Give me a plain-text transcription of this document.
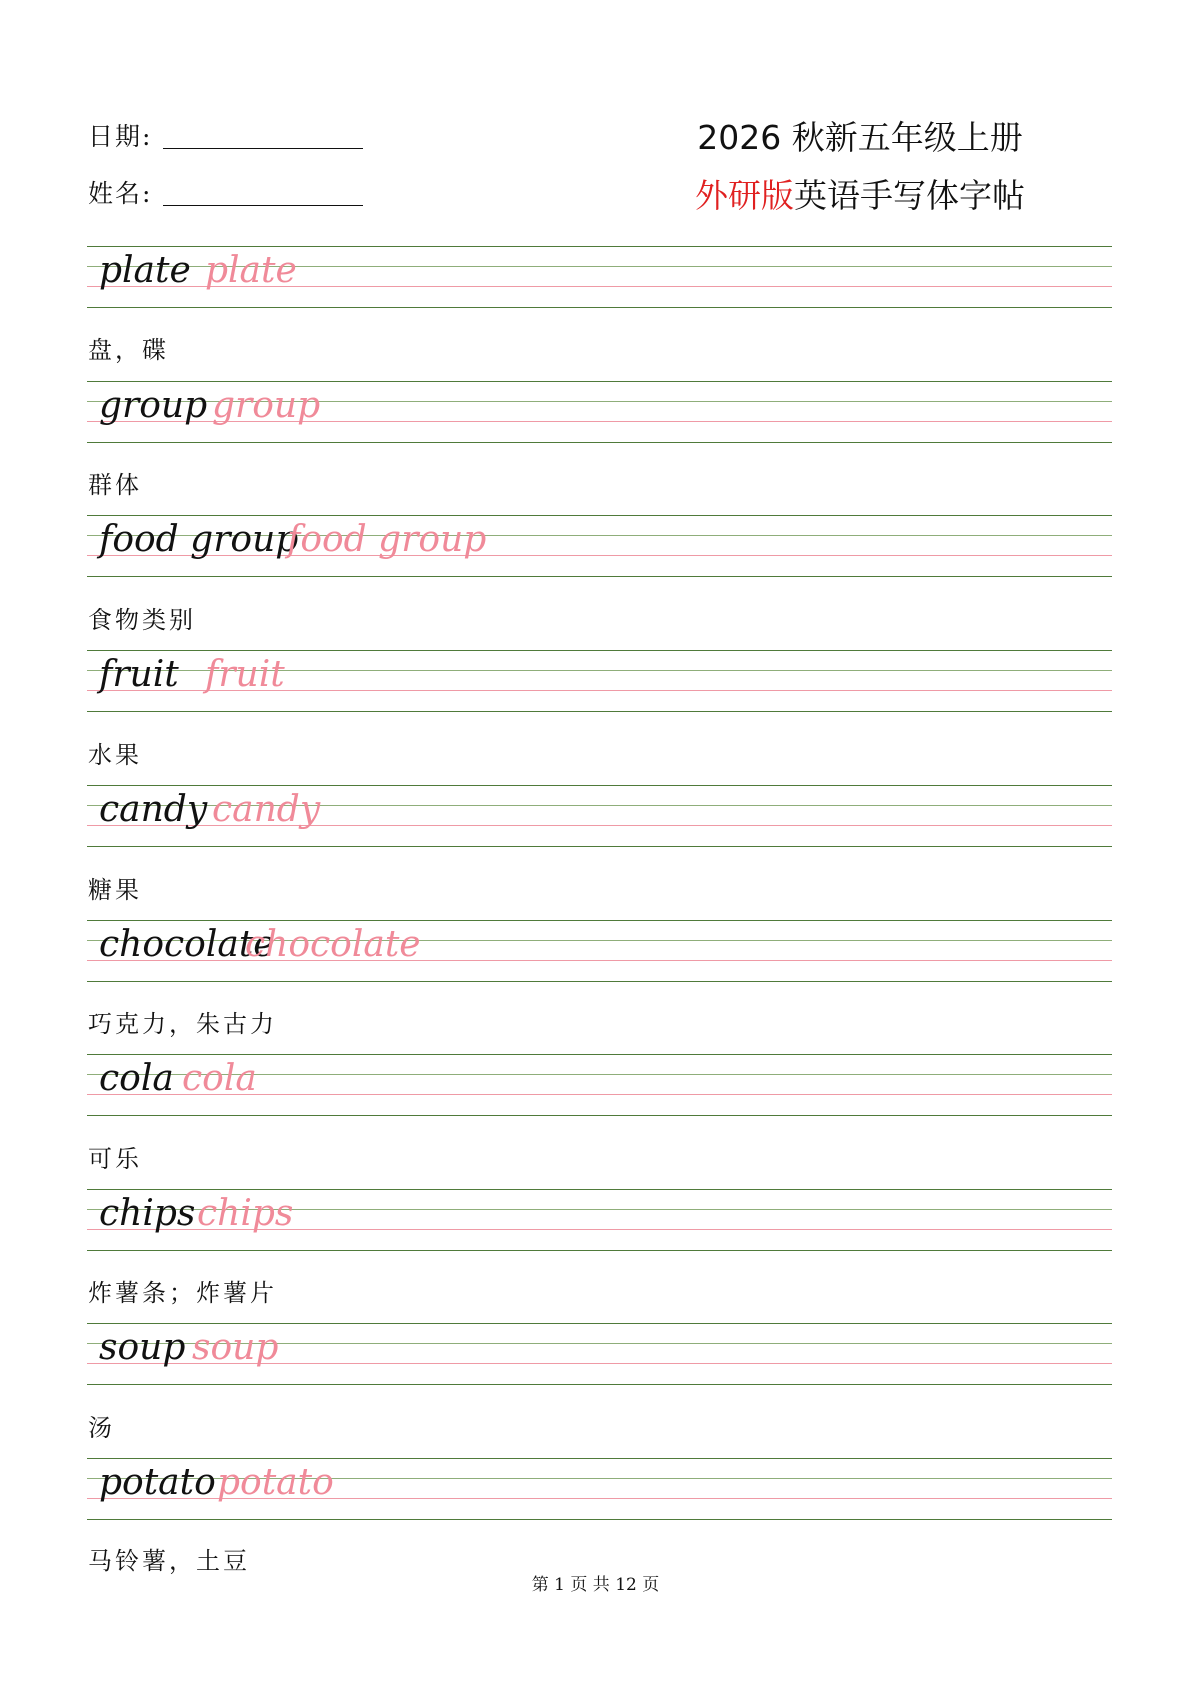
日期:
姓名:
2026 秋新五年级上册
外研版英语手写体字帖
plate plate
盘，碟
group group
群体
food group
food group
食物类别
fruit fruit
水果
candy candy
糖果
chocolate
chocolate
巧克力，朱古力
cola cola
可乐
chips chips
炸薯条；炸薯片
soup soup
汤
potato potato
马铃薯，土豆
第 1 页 共 12 页
